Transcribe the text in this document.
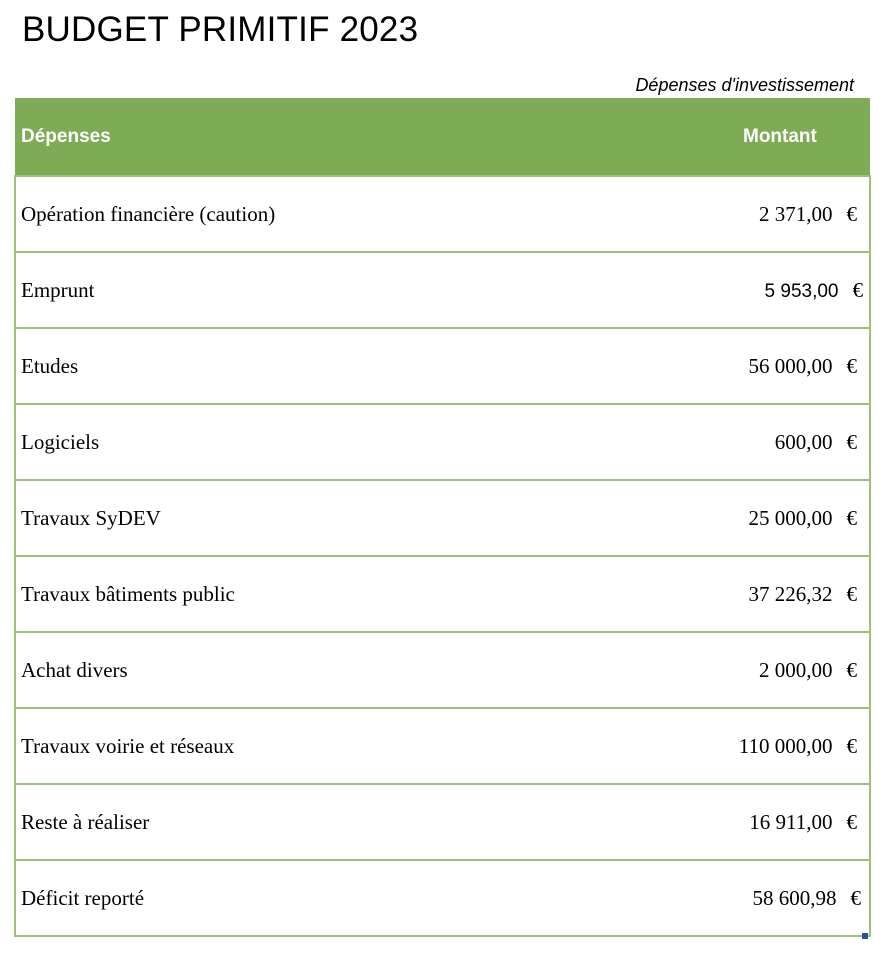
BUDGET PRIMITIF 2023
Dépenses d'investissement
Dépenses	Montant
Opération financière (caution)	2 371,00 €
Emprunt	5 953,00 €
Etudes	56 000,00 €
Logiciels	600,00 €
Travaux SyDEV	25 000,00 €
Travaux bâtiments public	37 226,32 €
Achat divers	2 000,00 €
Travaux voirie et réseaux	110 000,00 €
Reste à réaliser	16 911,00 €
Déficit reporté	58 600,98 €
